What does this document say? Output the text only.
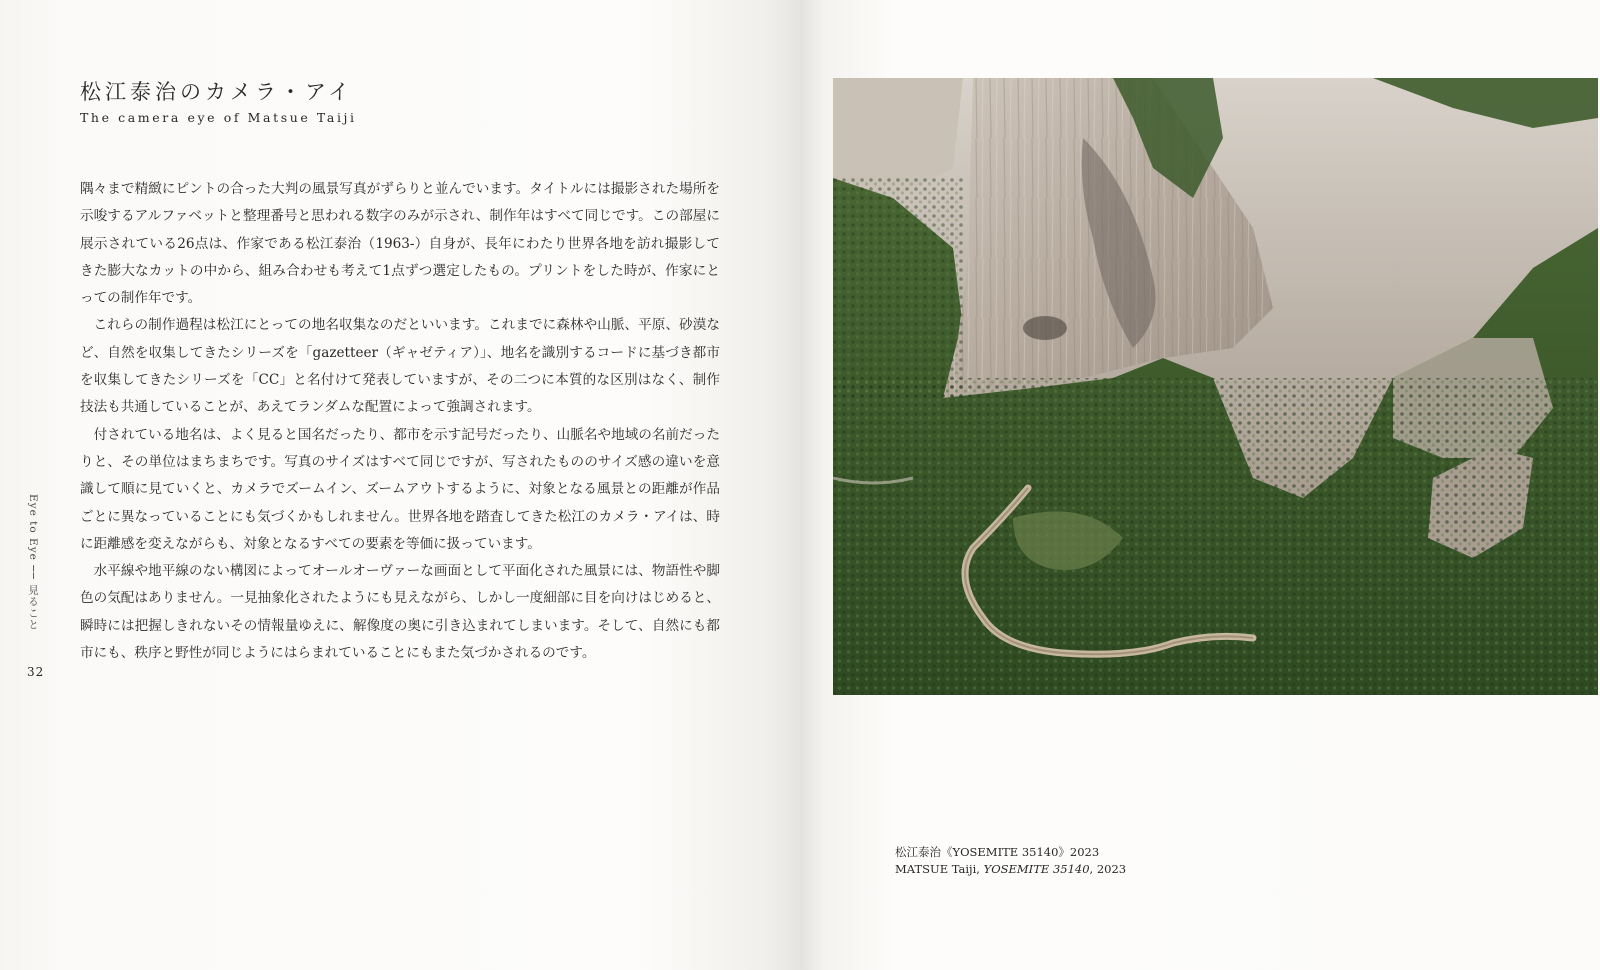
松江泰治のカメラ・アイ
The camera eye of Matsue Taiji

隅々まで精緻にピントの合った大判の風景写真がずらりと並んでいます。タイトルには撮影された場所を示唆するアルファベットと整理番号と思われる数字のみが示され、制作年はすべて同じです。この部屋に展示されている26点は、作家である松江泰治（1963-）自身が、長年にわたり世界各地を訪れ撮影してきた膨大なカットの中から、組み合わせも考えて1点ずつ選定したもの。プリントをした時が、作家にとっての制作年です。

これらの制作過程は松江にとっての地名収集なのだといいます。これまでに森林や山脈、平原、砂漠など、自然を収集してきたシリーズを「gazetteer（ギャゼティア）」、地名を識別するコードに基づき都市を収集してきたシリーズを「CC」と名付けて発表していますが、その二つに本質的な区別はなく、制作技法も共通していることが、あえてランダムな配置によって強調されます。

付されている地名は、よく見ると国名だったり、都市を示す記号だったり、山脈名や地域の名前だったりと、その単位はまちまちです。写真のサイズはすべて同じですが、写されたもののサイズ感の違いを意識して順に見ていくと、カメラでズームイン、ズームアウトするように、対象となる風景との距離が作品ごとに異なっていることにも気づくかもしれません。世界各地を踏査してきた松江のカメラ・アイは、時に距離感を変えながらも、対象となるすべての要素を等価に扱っています。

水平線や地平線のない構図によってオールオーヴァーな画面として平面化された風景には、物語性や脚色の気配はありません。一見抽象化されたようにも見えながら、しかし一度細部に目を向けはじめると、瞬時には把握しきれないその情報量ゆえに、解像度の奥に引き込まれてしまいます。そして、自然にも都市にも、秩序と野性が同じようにはらまれていることにもまた気づかされるのです。

Eye to Eye ── 見ること
32
松江泰治《YOSEMITE 35140》2023
MATSUE Taiji, YOSEMITE 35140, 2023
